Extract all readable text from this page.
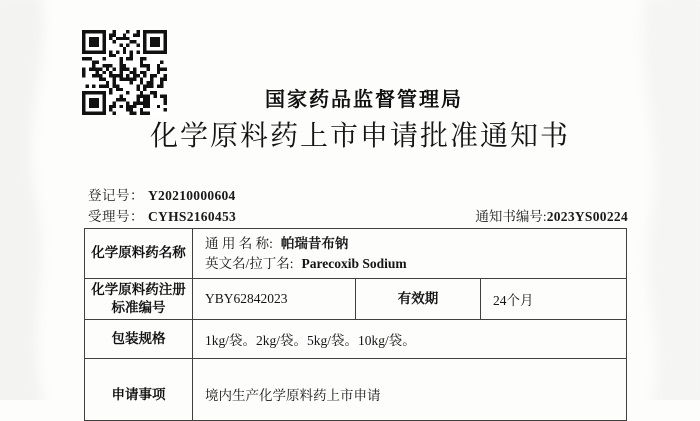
国家药品监督管理局
化学原料药上市申请批准通知书
登记号： Y20210000604
受理号： CYHS2160453	通知书编号:2023YS00224
化学原料药名称	通 用 名 称: 帕瑞昔布钠
英文名/拉丁名: Parecoxib Sodium		

化学原料药注册
标准编号	YBY62842023	有效期	24个月
包装规格	1kg/袋。2kg/袋。5kg/袋。10kg/袋。		
申请事项	境内生产化学原料药上市申请		
